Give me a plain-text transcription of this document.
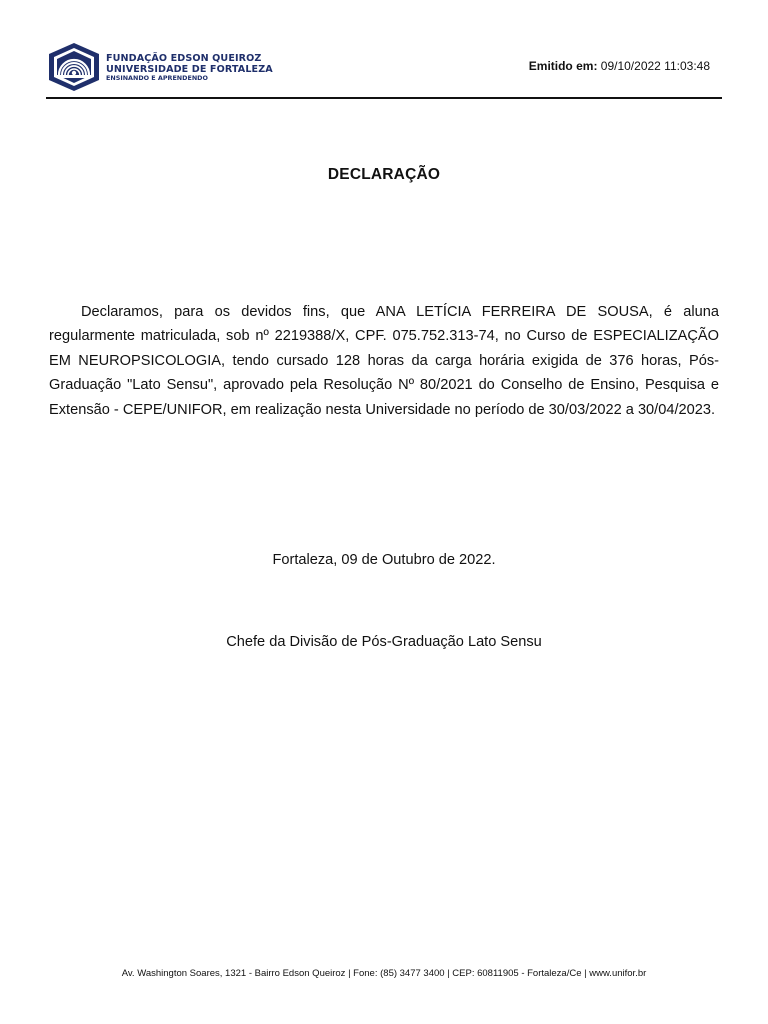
FUNDAÇÃO EDSON QUEIROZ
UNIVERSIDADE DE FORTALEZA
ENSINANDO E APRENDENDO
Emitido em: 09/10/2022 11:03:48
DECLARAÇÃO
Declaramos, para os devidos fins, que ANA LETÍCIA FERREIRA DE SOUSA, é aluna regularmente matriculada, sob nº 2219388/X, CPF. 075.752.313-74, no Curso de ESPECIALIZAÇÃO EM NEUROPSICOLOGIA, tendo cursado 128 horas da carga horária exigida de 376 horas, Pós-Graduação "Lato Sensu", aprovado pela Resolução Nº 80/2021 do Conselho de Ensino, Pesquisa e Extensão - CEPE/UNIFOR, em realização nesta Universidade no período de 30/03/2022 a 30/04/2023.
Fortaleza, 09 de Outubro de 2022.
Chefe da Divisão de Pós-Graduação Lato Sensu
Av. Washington Soares, 1321 - Bairro Edson Queiroz | Fone: (85) 3477 3400 | CEP: 60811905 - Fortaleza/Ce | www.unifor.br
